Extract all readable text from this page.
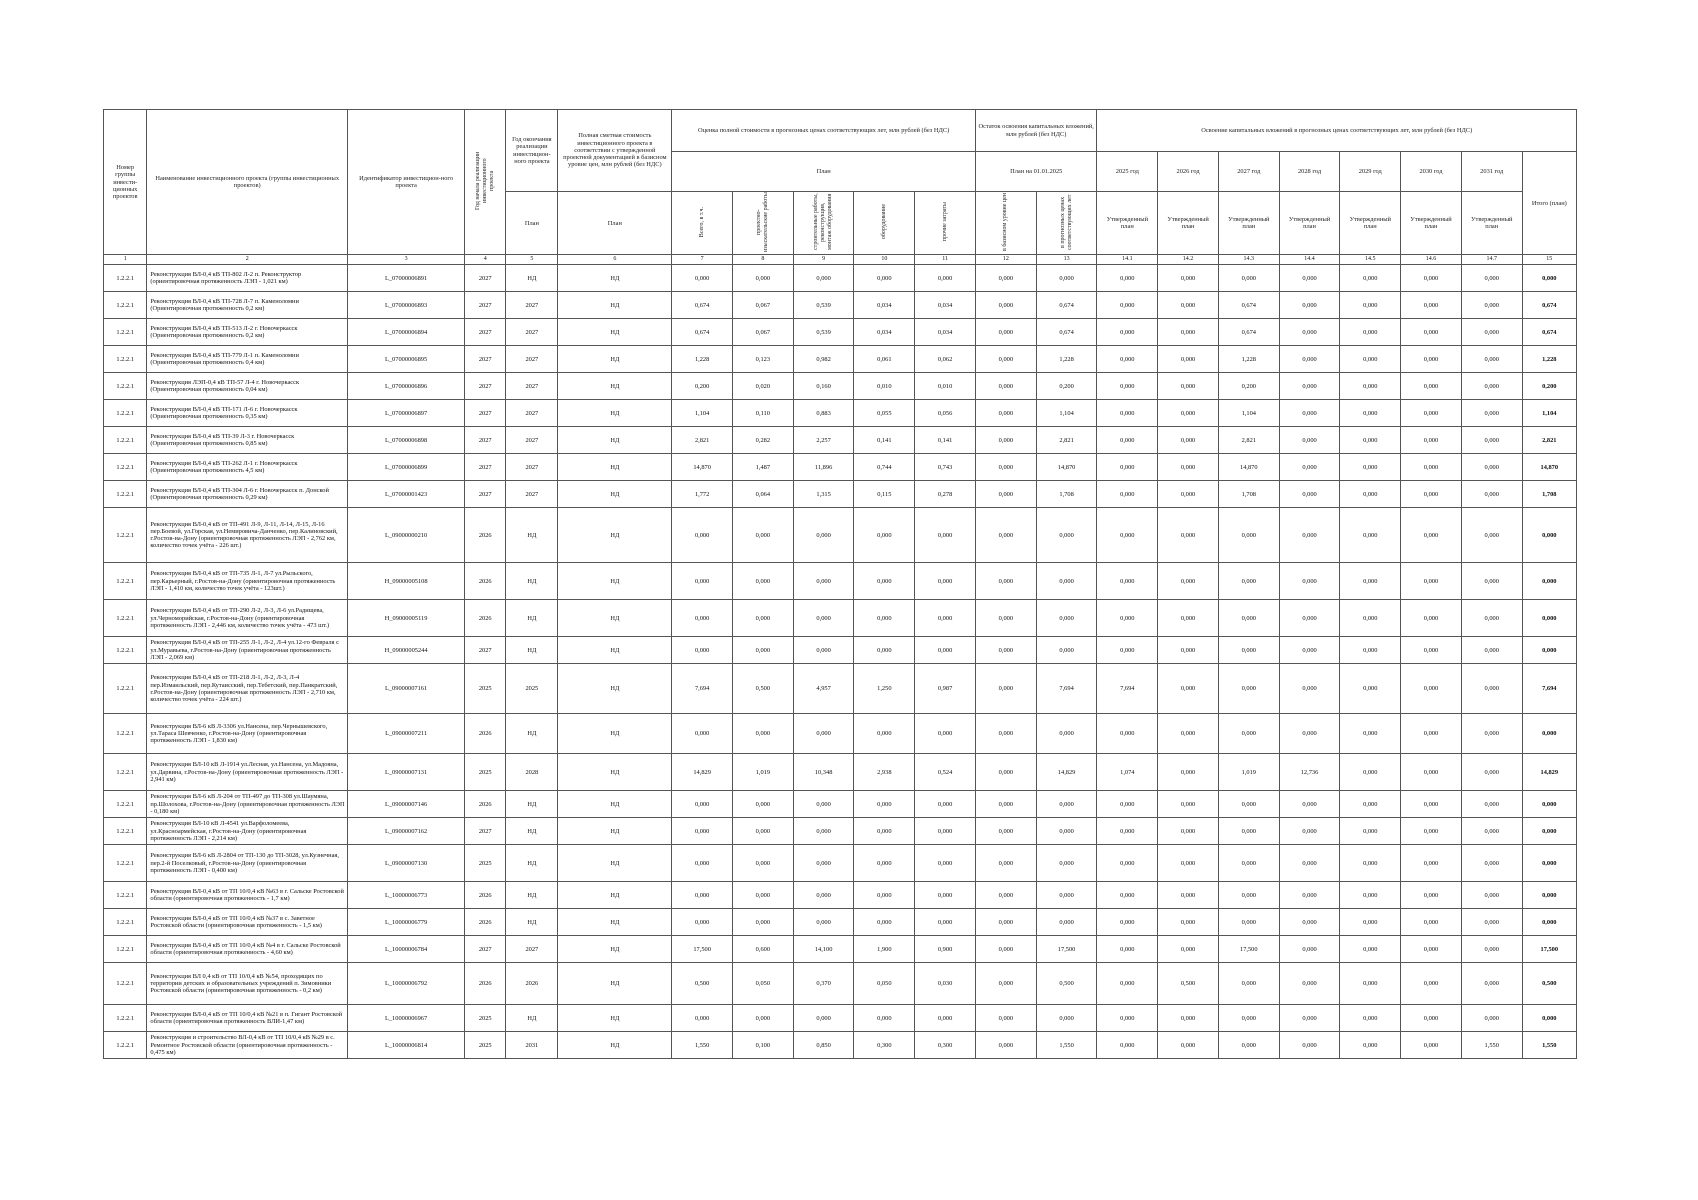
Номер группы инвести-ционных проектов	Наименование инвестиционного проекта (группы инвестиционных проектов)	Идентификатор инвестицион-ного проекта	Год начала реализации инвестиционного проекта	Год окончания реализации инвестицион-ного проекта	Полная сметная стоимость инвестиционного проекта в соответствии с утвержденной проектной документацией в базисном уровне цен, млн рублей (без НДС)	Оценка полной стоимости в прогнозных ценах соответствующих лет, млн рублей (без НДС)					Остаток освоения капитальных вложений, млн рублей (без НДС)		Освоение капитальных вложений в прогнозных ценах соответствующих лет, млн рублей (без НДС)							
						План					План на 01.01.2025		2025 год	2026 год	2027 год	2028 год	2029 год	2030 год	2031 год	Итого (план)
				План	План	Всего, в т.ч.	проектно-изыскательские работы	строительные работы, реконструкция, монтаж оборудования	оборудование	прочие затраты	в базисном уровне цен	в прогнозных ценах соответствующих лет	Утвержденный план	Утвержденный план	Утвержденный план	Утвержденный план	Утвержденный план	Утвержденный план	Утвержденный план	
1	2	3	4	5	6	7	8	9	10	11	12	13	14.1	14.2	14.3	14.4	14.5	14.6	14.7	15
1.2.2.1	Реконструкция ВЛ-0,4 кВ ТП-802 Л-2 п. Реконструктор (ориентировочная протяженность ЛЭП - 1,021 км)	L_07000006891	2027	НД	НД	0,000	0,000	0,000	0,000	0,000	0,000	0,000	0,000	0,000	0,000	0,000	0,000	0,000	0,000	0,000
1.2.2.1	Реконструкция ВЛ-0,4 кВ ТП-728 Л-7 п. Каменоломни (Ориентировочная протяженность 0,2 км)	L_07000006893	2027	2027	НД	0,674	0,067	0,539	0,034	0,034	0,000	0,674	0,000	0,000	0,674	0,000	0,000	0,000	0,000	0,674
1.2.2.1	Реконструкция ВЛ-0,4 кВ ТП-513 Л-2 г. Новочеркасск (Ориентировочная протяженность 0,2 км)	L_07000006894	2027	2027	НД	0,674	0,067	0,539	0,034	0,034	0,000	0,674	0,000	0,000	0,674	0,000	0,000	0,000	0,000	0,674
1.2.2.1	Реконструкция ВЛ-0,4 кВ ТП-779 Л-1 п. Каменоломни (Ориентировочная протяженность 0,4 км)	L_07000006895	2027	2027	НД	1,228	0,123	0,982	0,061	0,062	0,000	1,228	0,000	0,000	1,228	0,000	0,000	0,000	0,000	1,228
1.2.2.1	Реконструкция ЛЭП-0,4 кВ ТП-57 Л-4 г. Новочеркасск (Ориентировочная протяженность 0,04 км)	L_07000006896	2027	2027	НД	0,200	0,020	0,160	0,010	0,010	0,000	0,200	0,000	0,000	0,200	0,000	0,000	0,000	0,000	0,200
1.2.2.1	Реконструкция ВЛ-0,4 кВ ТП-171 Л-6 г. Новочеркасск (Ориентировочная протяженность 0,35 км)	L_07000006897	2027	2027	НД	1,104	0,110	0,883	0,055	0,056	0,000	1,104	0,000	0,000	1,104	0,000	0,000	0,000	0,000	1,104
1.2.2.1	Реконструкция ВЛ-0,4 кВ ТП-39 Л-3 г. Новочеркасск (Ориентировочная протяженность 0,85 км)	L_07000006898	2027	2027	НД	2,821	0,282	2,257	0,141	0,141	0,000	2,821	0,000	0,000	2,821	0,000	0,000	0,000	0,000	2,821
1.2.2.1	Реконструкция ВЛ-0,4 кВ ТП-262 Л-1 г. Новочеркасск (Ориентировочная протяженность 4,5 км)	L_07000006899	2027	2027	НД	14,870	1,487	11,896	0,744	0,743	0,000	14,870	0,000	0,000	14,870	0,000	0,000	0,000	0,000	14,870
1.2.2.1	Реконструкция ВЛ-0,4 кВ ТП-304 Л-6 г. Новочеркасск п. Донской (Ориентировочная протяженность 0,29 км)	L_07000001423	2027	2027	НД	1,772	0,064	1,315	0,115	0,278	0,000	1,708	0,000	0,000	1,708	0,000	0,000	0,000	0,000	1,708
1.2.2.1	Реконструкция ВЛ-0,4 кВ от ТП-491 Л-9, Л-11, Л-14, Л-15, Л-16 пер.Боевой, ул.Горская, ул.Немировича-Данченко, пер.Калиновский, г.Ростов-на-Дону (ориентировочная протяженность ЛЭП - 2,762 км, количество точек учёта - 226 шт.)	L_09000000210	2026	НД	НД	0,000	0,000	0,000	0,000	0,000	0,000	0,000	0,000	0,000	0,000	0,000	0,000	0,000	0,000	0,000
1.2.2.1	Реконструкция ВЛ-0,4 кВ от ТП-735 Л-1, Л-7 ул.Рыльского, пер.Карьерный, г.Ростов-на-Дону (ориентировочная протяженность ЛЭП - 1,410 км, количество точек учёта - 123шт.)	H_09000005108	2026	НД	НД	0,000	0,000	0,000	0,000	0,000	0,000	0,000	0,000	0,000	0,000	0,000	0,000	0,000	0,000	0,000
1.2.2.1	Реконструкция ВЛ-0,4 кВ от ТП-290 Л-2, Л-3, Л-6 ул.Радищева, ул.Черноморийская, г.Ростов-на-Дону (ориентировочная протяженность ЛЭП - 2,446 км, количество точек учёта - 473 шт.)	H_09000005119	2026	НД	НД	0,000	0,000	0,000	0,000	0,000	0,000	0,000	0,000	0,000	0,000	0,000	0,000	0,000	0,000	0,000
1.2.2.1	Реконструкция ВЛ-0,4 кВ от ТП-255 Л-1, Л-2, Л-4 ул.12-го Февраля с ул.Муравьева, г.Ростов-на-Дону (ориентировочная протяженность ЛЭП - 2,069 км)	H_09000005244	2027	НД	НД	0,000	0,000	0,000	0,000	0,000	0,000	0,000	0,000	0,000	0,000	0,000	0,000	0,000	0,000	0,000
1.2.2.1	Реконструкция ВЛ-0,4 кВ от ТП-218 Л-1, Л-2, Л-3, Л-4 пер.Измаильский, пер.Кутаисский, пер.Тебетский, пер.Панкратский, г.Ростов-на-Дону (ориентировочная протяженность ЛЭП - 2,710 км, количество точек учёта - 224 шт.)	L_09000007161	2025	2025	НД	7,694	0,500	4,957	1,250	0,987	0,000	7,694	7,694	0,000	0,000	0,000	0,000	0,000	0,000	7,694
1.2.2.1	Реконструкция ВЛ-6 кВ Л-3306 ул.Нансена, пер.Чернышевского, ул.Тараса Шевченко, г.Ростов-на-Дону (ориентировочная протяженность ЛЭП - 1,830 км)	L_09000007211	2026	НД	НД	0,000	0,000	0,000	0,000	0,000	0,000	0,000	0,000	0,000	0,000	0,000	0,000	0,000	0,000	0,000
1.2.2.1	Реконструкция ВЛ-10 кВ Л-1914 ул.Лесная, ул.Нансена, ул.Мадояна, ул.Дарвина, г.Ростов-на-Дону (ориентировочная протяженность ЛЭП - 2,941 км)	L_09000007131	2025	2028	НД	14,829	1,019	10,348	2,938	0,524	0,000	14,829	1,074	0,000	1,019	12,736	0,000	0,000	0,000	14,829
1.2.2.1	Реконструкция ВЛ-6 кВ Л-204 от ТП-497 до ТП-308 ул.Шаумяна, пр.Шолохова, г.Ростов-на-Дону (ориентировочная протяженность ЛЭП - 0,180 км)	L_09000007146	2026	НД	НД	0,000	0,000	0,000	0,000	0,000	0,000	0,000	0,000	0,000	0,000	0,000	0,000	0,000	0,000	0,000
1.2.2.1	Реконструкция ВЛ-10 кВ Л-4541 ул.Варфоломеева, ул.Красноармейская, г.Ростов-на-Дону (ориентировочная протяженность ЛЭП - 2,214 км)	L_09000007162	2027	НД	НД	0,000	0,000	0,000	0,000	0,000	0,000	0,000	0,000	0,000	0,000	0,000	0,000	0,000	0,000	0,000
1.2.2.1	Реконструкция ВЛ-6 кВ Л-2804 от ТП-130 до ТП-3028, ул.Кузнечная, пер.2-й Поселковый, г.Ростов-на-Дону (ориентировочная протяженность ЛЭП - 0,400 км)	L_09000007130	2025	НД	НД	0,000	0,000	0,000	0,000	0,000	0,000	0,000	0,000	0,000	0,000	0,000	0,000	0,000	0,000	0,000
1.2.2.1	Реконструкция ВЛ-0,4 кВ от ТП 10/0,4 кВ №63 в г. Сальске Ростовской области (ориентировочная протяженность - 1,7 км)	L_10000006773	2026	НД	НД	0,000	0,000	0,000	0,000	0,000	0,000	0,000	0,000	0,000	0,000	0,000	0,000	0,000	0,000	0,000
1.2.2.1	Реконструкция ВЛ-0,4 кВ от ТП 10/0,4 кВ №37 в с. Заветное Ростовской области (ориентировочная протяженность - 1,5 км)	L_10000006779	2026	НД	НД	0,000	0,000	0,000	0,000	0,000	0,000	0,000	0,000	0,000	0,000	0,000	0,000	0,000	0,000	0,000
1.2.2.1	Реконструкция ВЛ-0,4 кВ от ТП 10/0,4 кВ №4 в г. Сальске Ростовской области (ориентировочная протяженность - 4,60 км)	L_10000006784	2027	2027	НД	17,500	0,600	14,100	1,900	0,900	0,000	17,500	0,000	0,000	17,500	0,000	0,000	0,000	0,000	17,500
1.2.2.1	Реконструкция ВЛ 0,4 кВ от ТП 10/0,4 кВ №54, проходящих по территории детских и образовательных учреждений п. Зимовники Ростовской области (ориентировочная протяженность - 0,2 км)	L_10000006792	2026	2026	НД	0,500	0,050	0,370	0,050	0,030	0,000	0,500	0,000	0,500	0,000	0,000	0,000	0,000	0,000	0,500
1.2.2.1	Реконструкция ВЛ-0,4 кВ от ТП 10/0,4 кВ №21 в п. Гигант Ростовской области (ориентировочная протяженность ВЛИ-1,47 км)	L_10000006967	2025	НД	НД	0,000	0,000	0,000	0,000	0,000	0,000	0,000	0,000	0,000	0,000	0,000	0,000	0,000	0,000	0,000
1.2.2.1	Реконструкция и строительство ВЛ-0,4 кВ от ТП 10/0,4 кВ №29 в с. Ремонтное Ростовской области (ориентировочная протяженность - 0,475 км)	L_10000006814	2025	2031	НД	1,550	0,100	0,850	0,300	0,300	0,000	1,550	0,000	0,000	0,000	0,000	0,000	0,000	1,550	1,550
